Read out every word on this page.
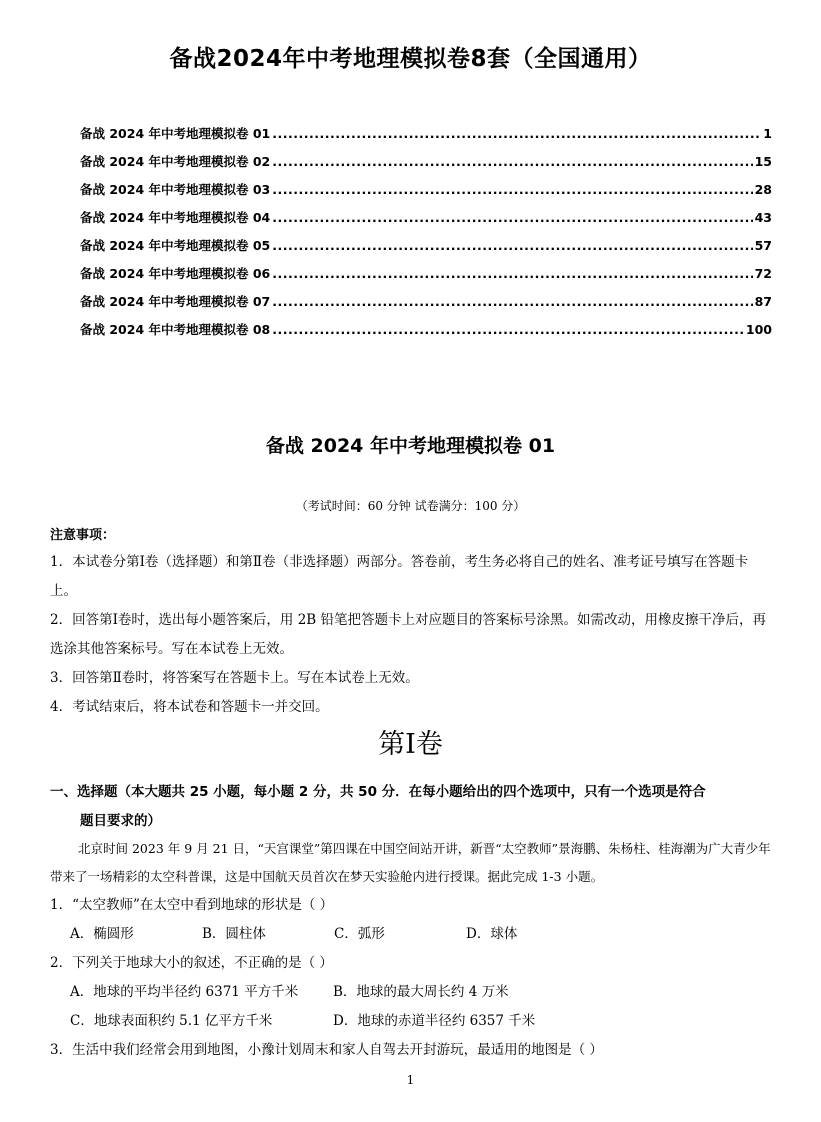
备战2024年中考地理模拟卷8套（全国通用）
备战 2024 年中考地理模拟卷 01 .....	1
备战 2024 年中考地理模拟卷 02 .....	15
备战 2024 年中考地理模拟卷 03 .....	28
备战 2024 年中考地理模拟卷 04 .....	43
备战 2024 年中考地理模拟卷 05 .....	57
备战 2024 年中考地理模拟卷 06 .....	72
备战 2024 年中考地理模拟卷 07 .....	87
备战 2024 年中考地理模拟卷 08 .....	100
备战 2024 年中考地理模拟卷 01
（考试时间：60 分钟 试卷满分：100 分）
注意事项：

1．本试卷分第Ⅰ卷（选择题）和第Ⅱ卷（非选择题）两部分。答卷前，考生务必将自己的姓名、准考证号填写在答题卡上。

2．回答第Ⅰ卷时，选出每小题答案后，用 2B 铅笔把答题卡上对应题目的答案标号涂黑。如需改动，用橡皮擦干净后，再选涂其他答案标号。写在本试卷上无效。

3．回答第Ⅱ卷时，将答案写在答题卡上。写在本试卷上无效。

4．考试结束后，将本试卷和答题卡一并交回。

第Ⅰ卷
一、选择题（本大题共 25 小题，每小题 2 分，共 50 分．在每小题给出的四个选项中，只有一个选项是符合
题目要求的）
北京时间 2023 年 9 月 21 日，“天宫课堂”第四课在中国空间站开讲，新晋“太空教师”景海鹏、朱杨柱、桂海潮为广大青少年带来了一场精彩的太空科普课，这是中国航天员首次在梦天实验舱内进行授课。据此完成 1-3 小题。
1．“太空教师”在太空中看到地球的形状是（ ）
A．椭圆形	B．圆柱体	C．弧形	D．球体
2．下列关于地球大小的叙述，不正确的是（ ）
A．地球的平均半径约 6371 平方千米	B．地球的最大周长约 4 万米
C．地球表面积约 5.1 亿平方千米	D．地球的赤道半径约 6357 千米
3．生活中我们经常会用到地图，小豫计划周末和家人自驾去开封游玩，最适用的地图是（ ）
1
